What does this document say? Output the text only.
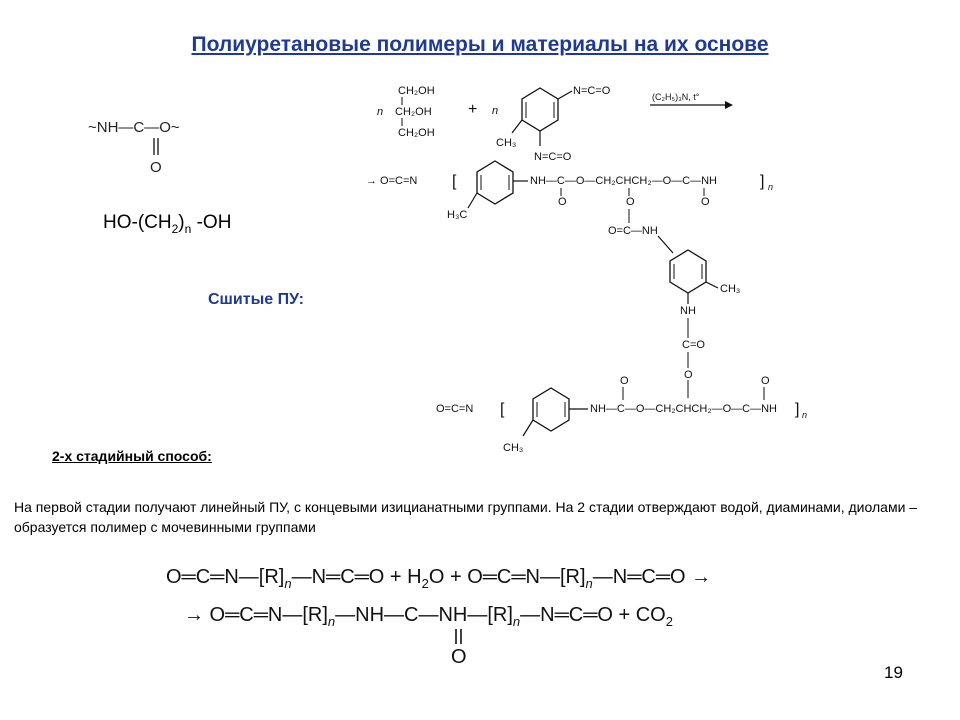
Полиуретановые полимеры и материалы на их основе
~NH—C—O~
O
$HO-(CH_2)_n$ -OH
Сшитые ПУ:
n
CH₂OH
CH₂OH
CH₂OH
+ n
N=C=O
CH₃
N=C=O
(C₂H₅)₃N, t°
→ O=C=N [	NH—C—O—CH₂CHCH₂—O—C—NH	] n
O	O	O
H₃C
O=C—NH
CH₃
NH
C=O
O
O=C=N [	NH—C—O—CH₂CHCH₂—O—C—NH ] n
O	O
CH₃
2-х стадийный способ:
На первой стадии получают линейный ПУ, с концевыми изицианатными группами. На 2 стадии отверждают водой, диаминами, диолами – образуется полимер с мочевинными группами
$O═C═N—[R]_n—N═C═O + H_2O$ + $O═C═N—[R]_n—N═C═O$ →
→ $O═C═N—[R]_n—NH—C—NH—[R]_n—N═C═O + CO_2$
O
19
